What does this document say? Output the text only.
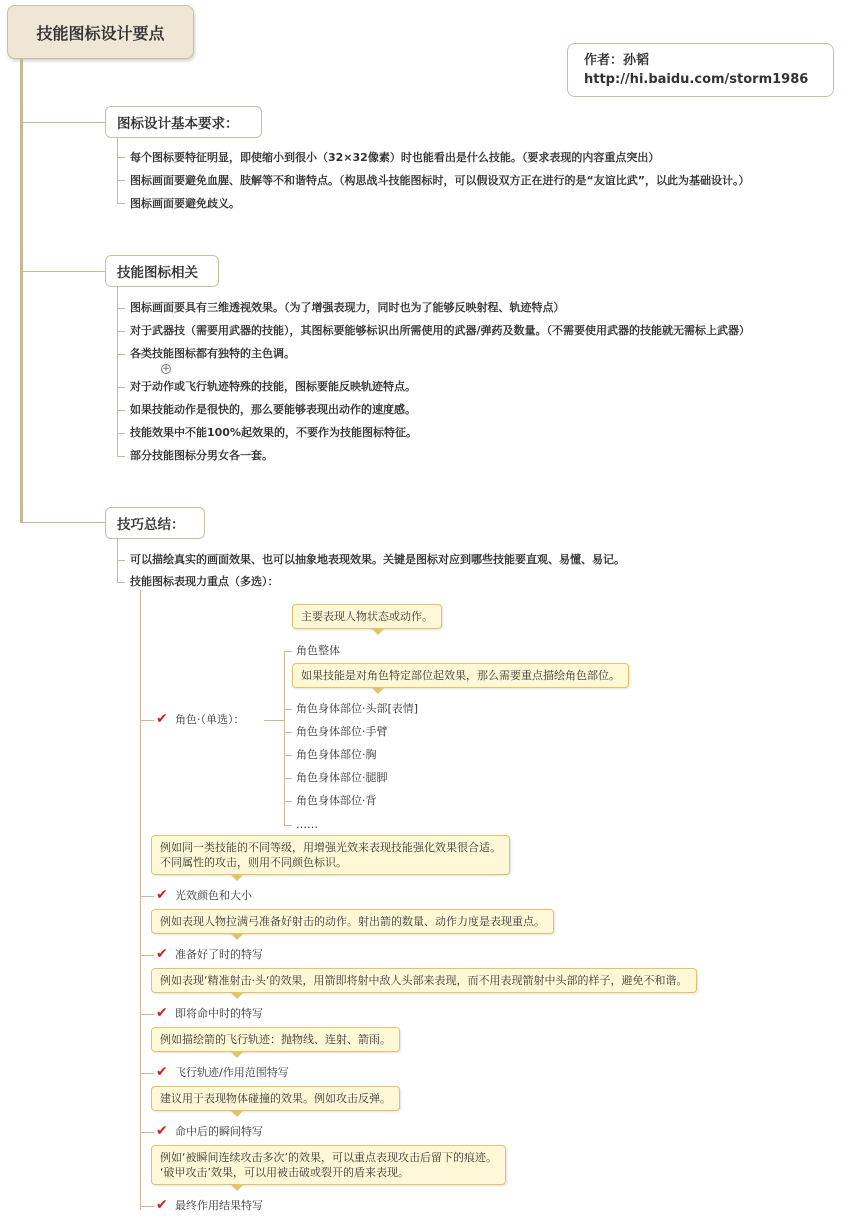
技能图标设计要点
作者：孙韬
http://hi.baidu.com/storm1986
图标设计基本要求：
每个图标要特征明显，即使缩小到很小（32×32像素）时也能看出是什么技能。（要求表现的内容重点突出）
图标画面要避免血腥、肢解等不和谐特点。（构思战斗技能图标时，可以假设双方正在进行的是“友谊比武”，以此为基础设计。）
图标画面要避免歧义。
技能图标相关
图标画面要具有三维透视效果。（为了增强表现力，同时也为了能够反映射程、轨迹特点）
对于武器技（需要用武器的技能），其图标要能够标识出所需使用的武器/弹药及数量。（不需要使用武器的技能就无需标上武器）
各类技能图标都有独特的主色调。
+
对于动作或飞行轨迹特殊的技能，图标要能反映轨迹特点。
如果技能动作是很快的，那么要能够表现出动作的速度感。
技能效果中不能100%起效果的，不要作为技能图标特征。
部分技能图标分男女各一套。
技巧总结：
可以描绘真实的画面效果、也可以抽象地表现效果。关键是图标对应到哪些技能要直观、易懂、易记。
技能图标表现力重点（多选）：
✔ 角色·（单选）：
主要表现人物状态或动作。
角色整体
如果技能是对角色特定部位起效果，那么需要重点描绘角色部位。
角色身体部位·头部[表情]
角色身体部位·手臂
角色身体部位·胸
角色身体部位·腿脚
角色身体部位·背
……
例如同一类技能的不同等级，用增强光效来表现技能强化效果很合适。
不同属性的攻击，则用不同颜色标识。
✔ 光效颜色和大小
例如表现人物拉满弓准备好射击的动作。射出箭的数量、动作力度是表现重点。
✔ 准备好了时的特写
例如表现‘精准射击·头‘的效果，用箭即将射中敌人头部来表现，而不用表现箭射中头部的样子，避免不和谐。
✔ 即将命中时的特写
例如描绘箭的飞行轨迹：抛物线、连射、箭雨。
✔ 飞行轨迹/作用范围特写
建议用于表现物体碰撞的效果。例如攻击反弹。
✔ 命中后的瞬间特写
例如‘被瞬间连续攻击多次’的效果，可以重点表现攻击后留下的痕迹。
‘破甲攻击’效果，可以用被击破或裂开的盾来表现。
✔ 最终作用结果特写
